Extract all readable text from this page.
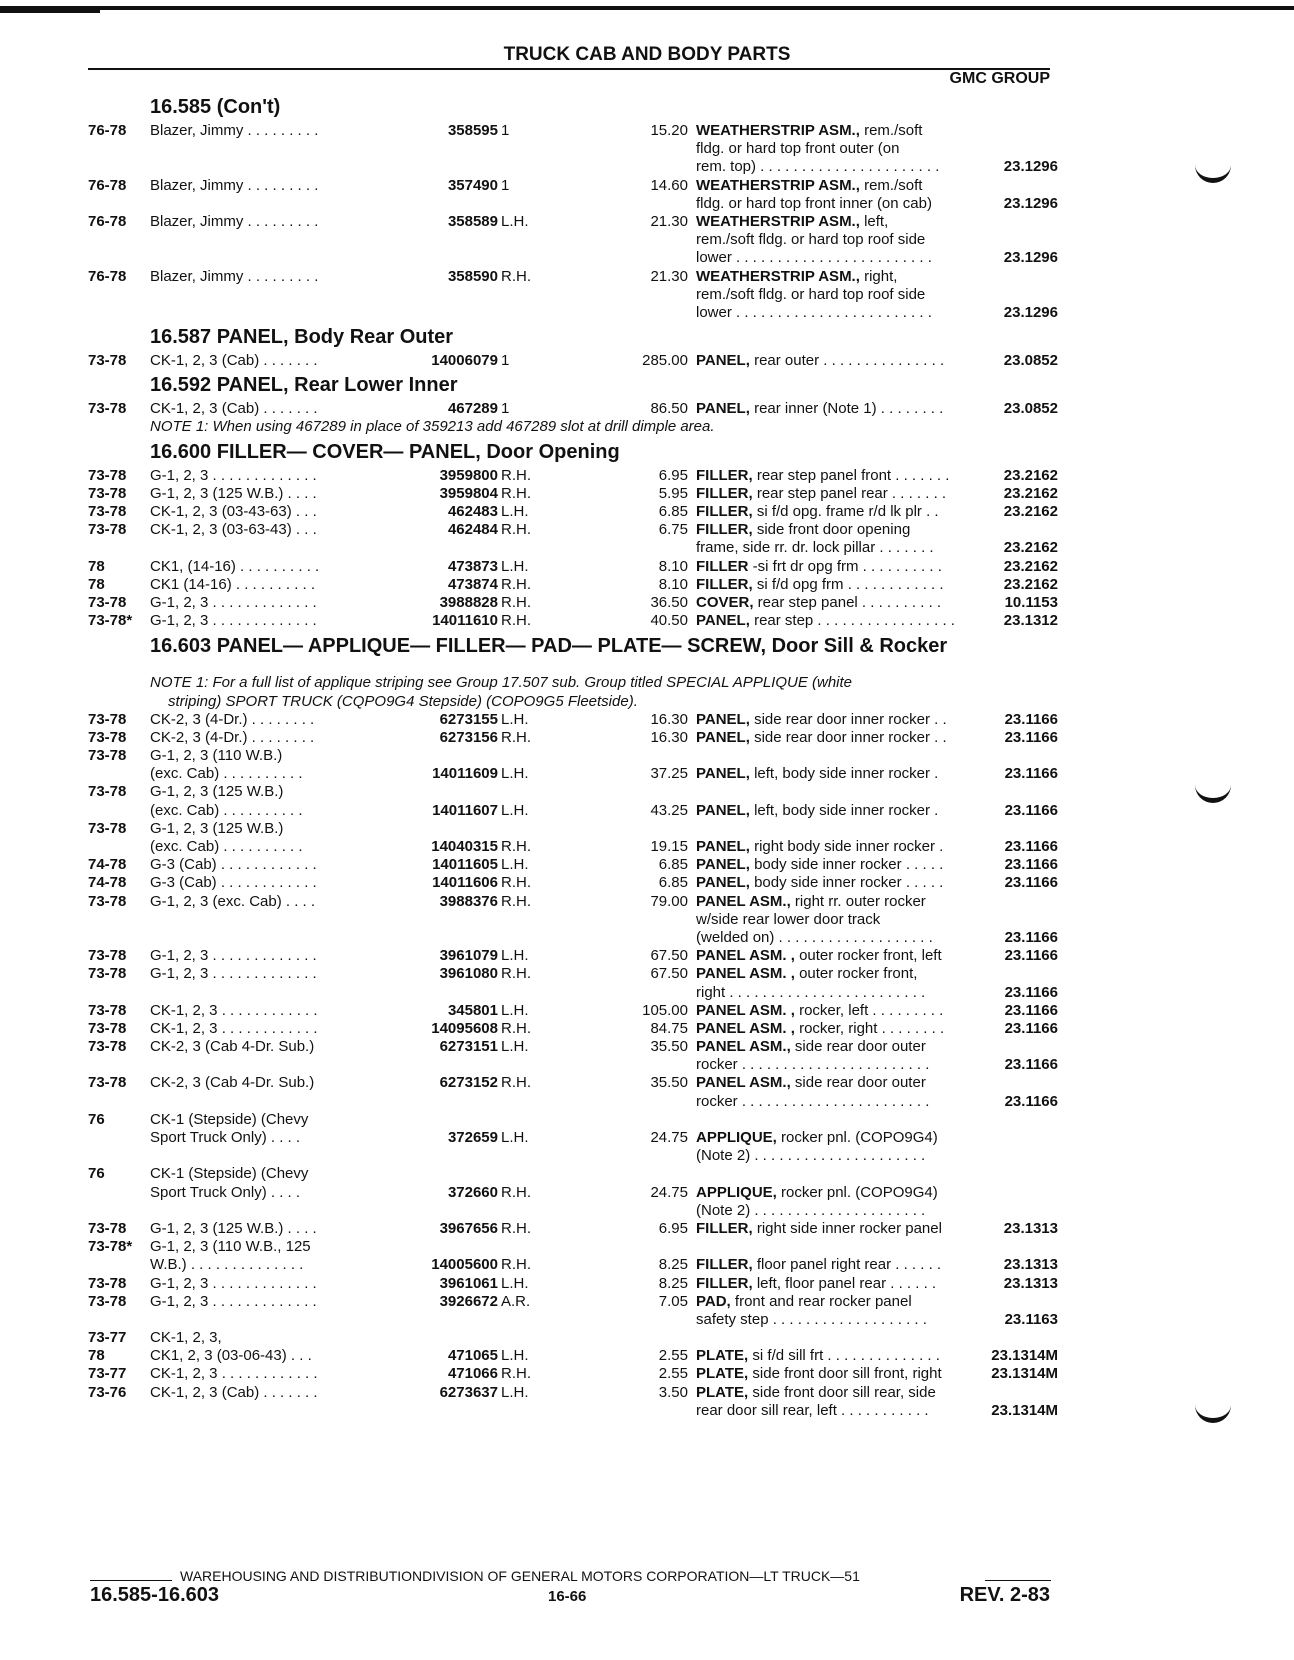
TRUCK CAB AND BODY PARTS
GMC GROUP
16.585 (Con't)
76-78 Blazer, Jimmy . . . . . . . . .	358595 1	15.20 WEATHERSTRIP ASM., rem./soft
fldg. or hard top front outer (on
rem. top) . . . . . . . . . . . . . . . . . . . . . .	23.1296
76-78 Blazer, Jimmy . . . . . . . . .	357490 1	14.60 WEATHERSTRIP ASM., rem./soft
fldg. or hard top front inner (on cab)	23.1296
76-78 Blazer, Jimmy . . . . . . . . .	358589 L.H.	21.30 WEATHERSTRIP ASM., left,
rem./soft fldg. or hard top roof side
lower . . . . . . . . . . . . . . . . . . . . . . . .	23.1296
76-78 Blazer, Jimmy . . . . . . . . .	358590 R.H.	21.30 WEATHERSTRIP ASM., right,
rem./soft fldg. or hard top roof side
lower . . . . . . . . . . . . . . . . . . . . . . . .	23.1296
16.587 PANEL, Body Rear Outer
73-78 CK-1, 2, 3 (Cab) . . . . . . .	14006079 1	285.00 PANEL, rear outer . . . . . . . . . . . . . . .	23.0852
16.592 PANEL, Rear Lower Inner
73-78 CK-1, 2, 3 (Cab) . . . . . . .	467289 1	86.50 PANEL, rear inner (Note 1) . . . . . . . .	23.0852
NOTE 1: When using 467289 in place of 359213 add 467289 slot at drill dimple area.
16.600 FILLER— COVER— PANEL, Door Opening
73-78 G-1, 2, 3 . . . . . . . . . . . . .	3959800 R.H.	6.95 FILLER, rear step panel front . . . . . . .	23.2162
73-78 G-1, 2, 3 (125 W.B.) . . . .	3959804 R.H.	5.95 FILLER, rear step panel rear . . . . . . .	23.2162
73-78 CK-1, 2, 3 (03-43-63) . . .	462483 L.H.	6.85 FILLER, si f/d opg. frame r/d lk plr . .	23.2162
73-78 CK-1, 2, 3 (03-63-43) . . .	462484 R.H.	6.75 FILLER, side front door opening
frame, side rr. dr. lock pillar . . . . . . .	23.2162
78	CK1, (14-16) . . . . . . . . . .	473873 L.H.	8.10 FILLER -si frt dr opg frm . . . . . . . . . .	23.2162
78	CK1 (14-16) . . . . . . . . . .	473874 R.H.	8.10 FILLER, si f/d opg frm . . . . . . . . . . . .	23.2162
73-78 G-1, 2, 3 . . . . . . . . . . . . .	3988828 R.H.	36.50 COVER, rear step panel . . . . . . . . . .	10.1153
73-78* G-1, 2, 3 . . . . . . . . . . . . .	14011610 R.H.	40.50 PANEL, rear step . . . . . . . . . . . . . . . . .	23.1312
16.603 PANEL— APPLIQUE— FILLER— PAD— PLATE— SCREW, Door Sill & Rocker
NOTE 1: For a full list of applique striping see Group 17.507 sub. Group titled SPECIAL APPLIQUE (white
striping) SPORT TRUCK (CQPO9G4 Stepside) (COPO9G5 Fleetside).
73-78 CK-2, 3 (4-Dr.) . . . . . . . .	6273155 L.H.	16.30 PANEL, side rear door inner rocker . .	23.1166
73-78 CK-2, 3 (4-Dr.) . . . . . . . .	6273156 R.H.	16.30 PANEL, side rear door inner rocker . .	23.1166
73-78 G-1, 2, 3 (110 W.B.)
(exc. Cab) . . . . . . . . . .	14011609 L.H.	37.25 PANEL, left, body side inner rocker .	23.1166
73-78 G-1, 2, 3 (125 W.B.)
(exc. Cab) . . . . . . . . . .	14011607 L.H.	43.25 PANEL, left, body side inner rocker .	23.1166
73-78 G-1, 2, 3 (125 W.B.)
(exc. Cab) . . . . . . . . . .	14040315 R.H.	19.15 PANEL, right body side inner rocker .	23.1166
74-78 G-3 (Cab) . . . . . . . . . . . .	14011605 L.H.	6.85 PANEL, body side inner rocker . . . . .	23.1166
74-78 G-3 (Cab) . . . . . . . . . . . .	14011606 R.H.	6.85 PANEL, body side inner rocker . . . . .	23.1166
73-78 G-1, 2, 3 (exc. Cab) . . . .	3988376 R.H.	79.00 PANEL ASM., right rr. outer rocker
w/side rear lower door track
(welded on) . . . . . . . . . . . . . . . . . . .	23.1166
73-78 G-1, 2, 3 . . . . . . . . . . . . .	3961079 L.H.	67.50 PANEL ASM. , outer rocker front, left	23.1166
73-78 G-1, 2, 3 . . . . . . . . . . . . .	3961080 R.H.	67.50 PANEL ASM. , outer rocker front,
right . . . . . . . . . . . . . . . . . . . . . . . .	23.1166
73-78 CK-1, 2, 3 . . . . . . . . . . . .	345801 L.H.	105.00 PANEL ASM. , rocker, left . . . . . . . . .	23.1166
73-78 CK-1, 2, 3 . . . . . . . . . . . .	14095608 R.H.	84.75 PANEL ASM. , rocker, right . . . . . . . .	23.1166
73-78 CK-2, 3 (Cab 4-Dr. Sub.)	6273151 L.H.	35.50 PANEL ASM., side rear door outer
rocker . . . . . . . . . . . . . . . . . . . . . . .	23.1166
73-78 CK-2, 3 (Cab 4-Dr. Sub.)	6273152 R.H.	35.50 PANEL ASM., side rear door outer
rocker . . . . . . . . . . . . . . . . . . . . . . .	23.1166
76	CK-1 (Stepside) (Chevy
Sport Truck Only) . . . .	372659 L.H.	24.75 APPLIQUE, rocker pnl. (COPO9G4)
(Note 2) . . . . . . . . . . . . . . . . . . . . .
76	CK-1 (Stepside) (Chevy
Sport Truck Only) . . . .	372660 R.H.	24.75 APPLIQUE, rocker pnl. (COPO9G4)
(Note 2) . . . . . . . . . . . . . . . . . . . . .
73-78 G-1, 2, 3 (125 W.B.) . . . .	3967656 R.H.	6.95 FILLER, right side inner rocker panel	23.1313
73-78* G-1, 2, 3 (110 W.B., 125
W.B.) . . . . . . . . . . . . . .	14005600 R.H.	8.25 FILLER, floor panel right rear . . . . . .	23.1313
73-78 G-1, 2, 3 . . . . . . . . . . . . .	3961061 L.H.	8.25 FILLER, left, floor panel rear . . . . . .	23.1313
73-78 G-1, 2, 3 . . . . . . . . . . . . .	3926672 A.R.	7.05 PAD, front and rear rocker panel
safety step . . . . . . . . . . . . . . . . . . .	23.1163
73-77 CK-1, 2, 3,
78	CK1, 2, 3 (03-06-43) . . .	471065 L.H.	2.55 PLATE, si f/d sill frt . . . . . . . . . . . . . .	23.1314M
73-77 CK-1, 2, 3 . . . . . . . . . . . .	471066 R.H.	2.55 PLATE, side front door sill front, right	23.1314M
73-76 CK-1, 2, 3 (Cab) . . . . . . .	6273637 L.H.	3.50 PLATE, side front door sill rear, side
rear door sill rear, left . . . . . . . . . . .	23.1314M
WAREHOUSING AND DISTRIBUTIONDIVISION OF GENERAL MOTORS CORPORATION—LT TRUCK—51
16.585-16.603	16-66	REV. 2-83
